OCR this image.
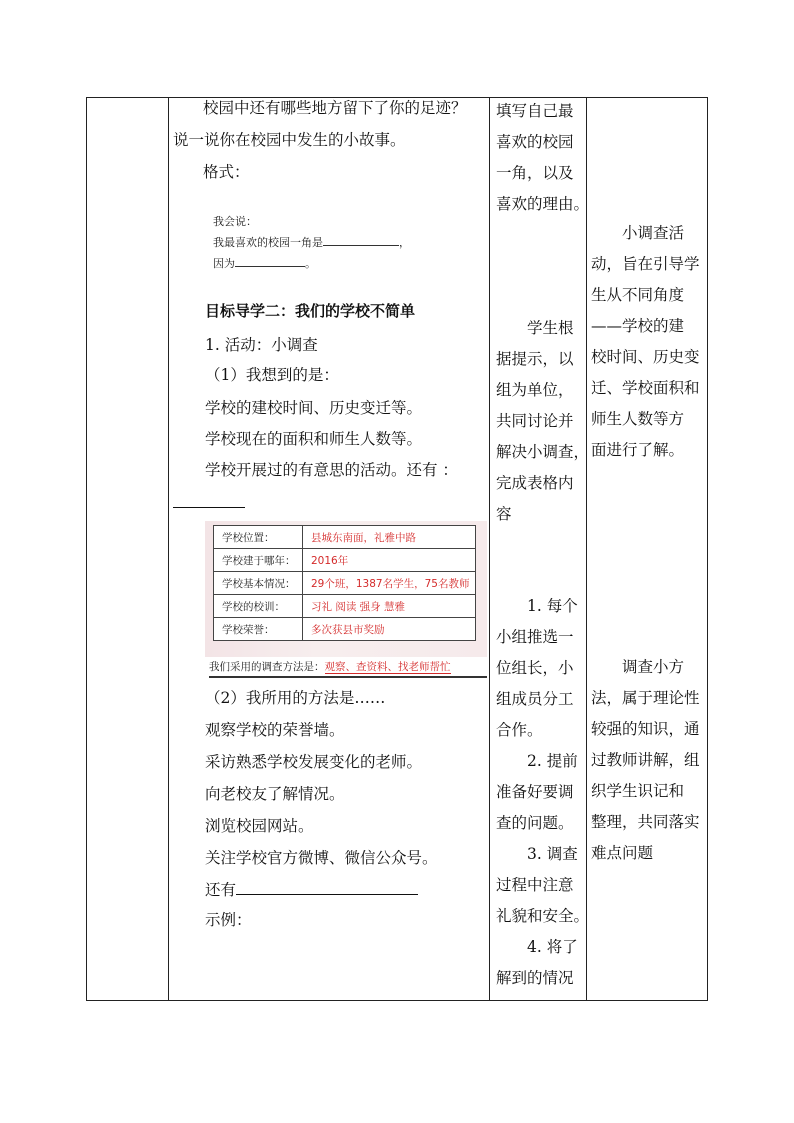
校园中还有哪些地方留下了你的足迹？
说一说你在校园中发生的小故事。
格式：
我会说：
我最喜欢的校园一角是	，
因为	。
目标导学二：我们的学校不简单
1. 活动：小调查
（1）我想到的是：
学校的建校时间、历史变迁等。
学校现在的面积和师生人数等。
学校开展过的有意思的活动。还有 ：
学校位置：	县城东南面，礼雅中路
学校建于哪年：	2016年
学校基本情况：	29个班，1387名学生，75名教师
学校的校训：	习礼 阅读 强身 慧雅
学校荣誉：	多次获县市奖励
我们采用的调查方法是：观察、查资料、找老师帮忙
（2）我所用的方法是……
观察学校的荣誉墙。
采访熟悉学校发展变化的老师。
向老校友了解情况。
浏览校园网站。
关注学校官方微博、微信公众号。
还有
示例：

填写自己最
喜欢的校园
一角，以及
喜欢的理由。
学生根
据提示，以
组为单位，
共同讨论并
解决小调查，
完成表格内
容
1. 每个
小组推选一
位组长，小
组成员分工
合作。
2. 提前
准备好要调
查的问题。
3. 调查
过程中注意
礼貌和安全。
4. 将了
解到的情况

小调查活
动，旨在引导学
生从不同角度
——学校的建
校时间、历史变
迁、学校面积和
师生人数等方
面进行了解。
调查小方
法，属于理论性
较强的知识，通
过教师讲解，组
织学生识记和
整理，共同落实
难点问题
